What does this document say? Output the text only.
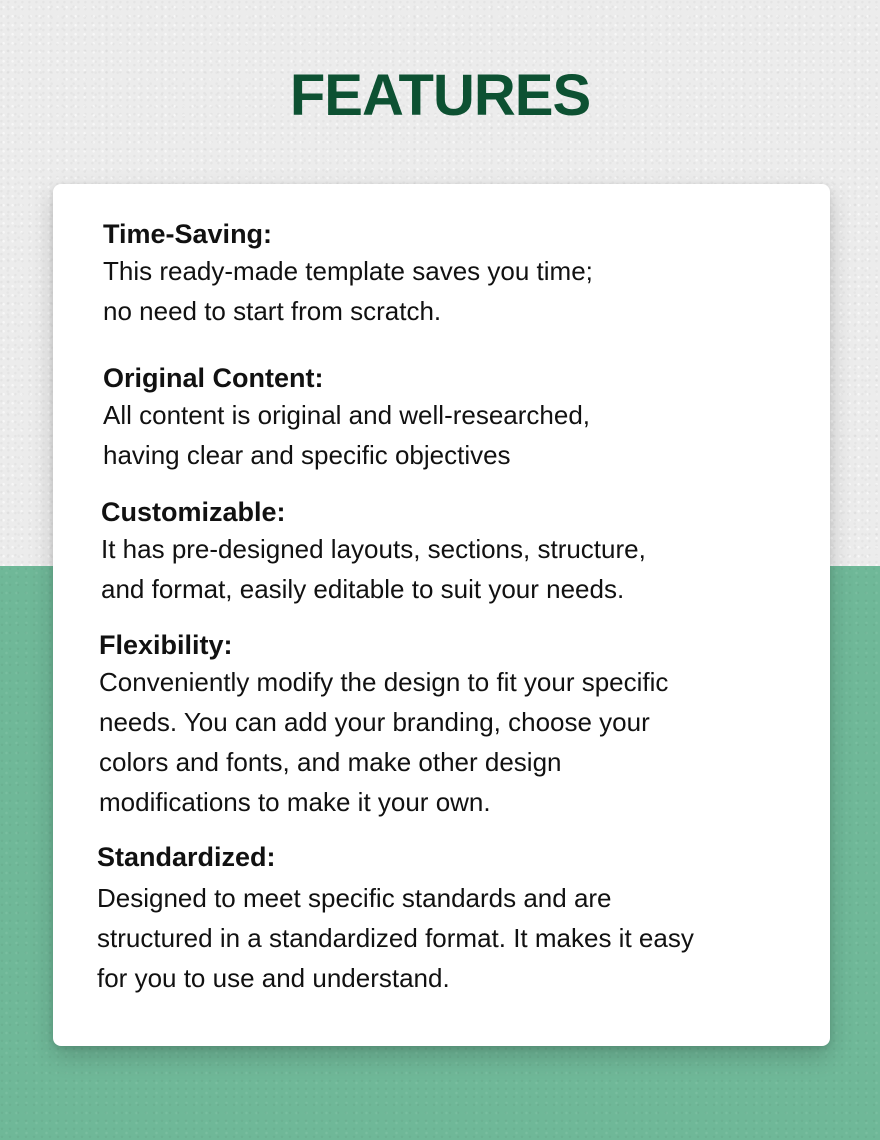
FEATURES
Time-Saving:
This ready-made template saves you time;
no need to start from scratch.
Original Content:
All content is original and well-researched,
having clear and specific objectives
Customizable:
It has pre-designed layouts, sections, structure,
and format, easily editable to suit your needs.
Flexibility:
Conveniently modify the design to fit your specific
needs. You can add your branding, choose your
colors and fonts, and make other design
modifications to make it your own.
Standardized:
Designed to meet specific standards and are
structured in a standardized format. It makes it easy
for you to use and understand.
